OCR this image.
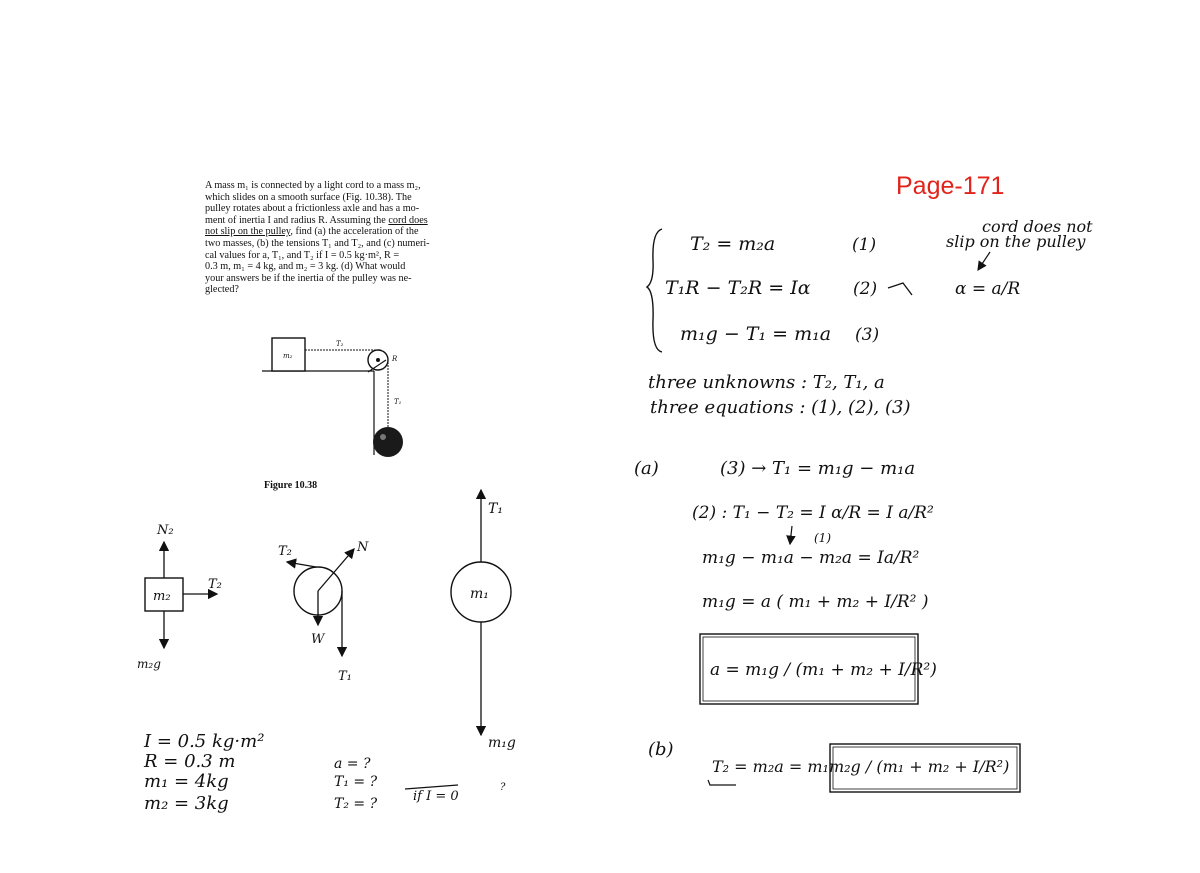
A mass m₁ is connected by a light cord to a mass m₂,
which slides on a smooth surface (Fig. 10.38). The
pulley rotates about a frictionless axle and has a mo-
ment of inertia I and radius R. Assuming the cord does
not slip on the pulley, find (a) the acceleration of the
two masses, (b) the tensions T₁ and T₂, and (c) numeri-
cal values for a, T₁, and T₂ if I = 0.5 kg·m², R =
0.3 m, m₁ = 4 kg, and m₂ = 3 kg. (d) What would
your answers be if the inertia of the pulley was ne-
glected?
Page-171
Figure 10.38
m₂
T₂
R
T₁
m₂
N₂
T₂
m₂g
T₂	N
W
T₁
m₁
T₁
m₁g
T₂ = m₂a	(1)
T₁R − T₂R = Iα (2)
m₁g − T₁ = m₁a (3)
cord does not
slip on the pulley
α = a/R
three unknowns : T₂, T₁, a
three equations : (1), (2), (3)
(a)	(3) → T₁ = m₁g − m₁a
(2) : T₁ − T₂ = I α/R = I a/R²
(1)
m₁g − m₁a − m₂a = Ia/R²
m₁g = a ( m₁ + m₂ + I/R² )
a = m₁g / (m₁ + m₂ + I/R²)
(b)
T₂ = m₂a = m₁m₂g / (m₁ + m₂ + I/R²)
I = 0.5 kg·m²
R = 0.3 m
m₁ = 4kg
m₂ = 3kg
a = ?
T₁ = ?
T₂ = ?	if I = 0
?
